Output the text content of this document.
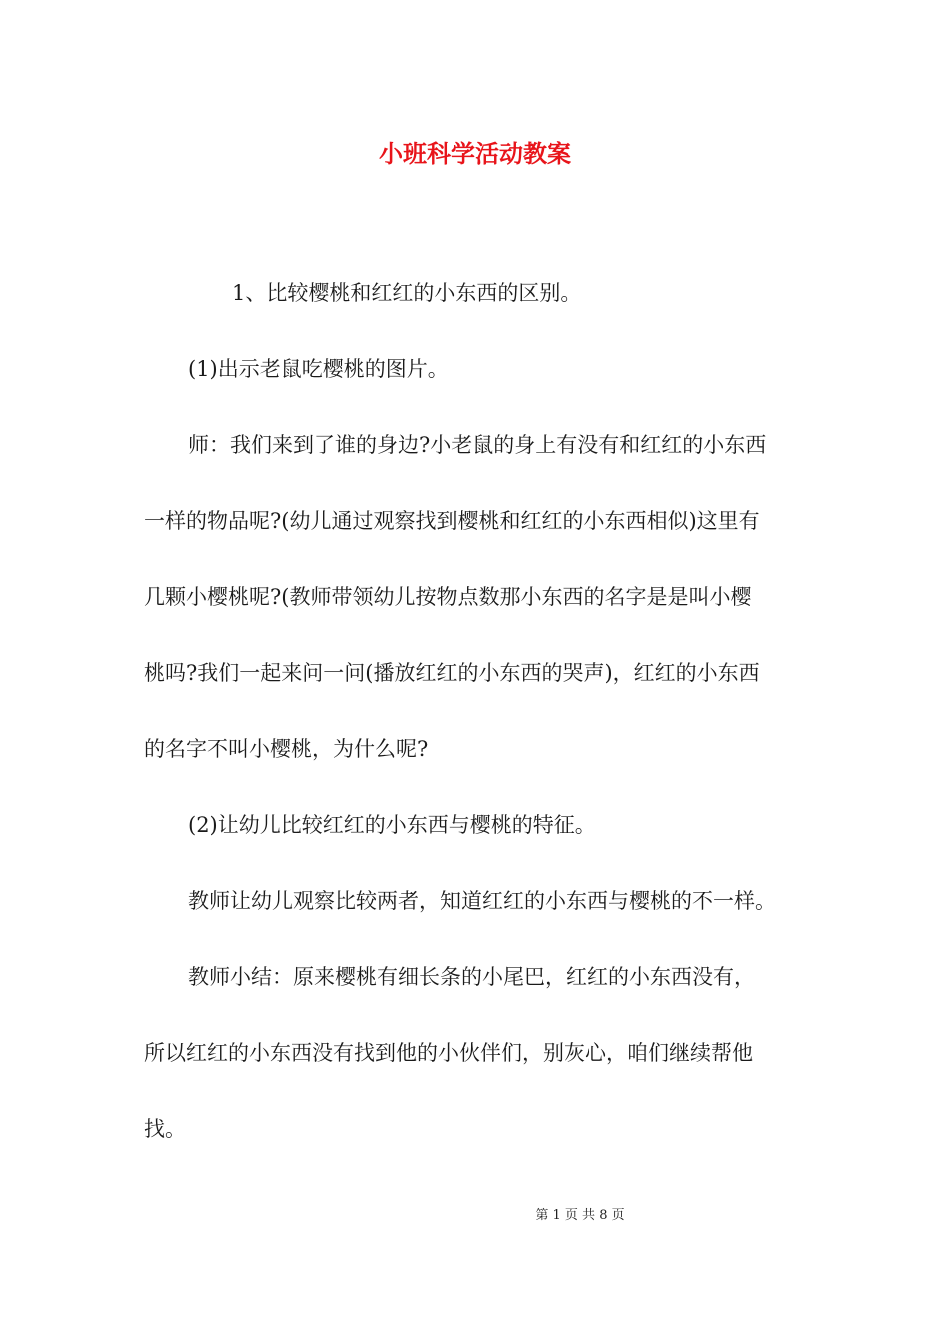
小班科学活动教案
1、比较樱桃和红红的小东西的区别。
(1)出示老鼠吃樱桃的图片。
师：我们来到了谁的身边?小老鼠的身上有没有和红红的小东西
一样的物品呢?(幼儿通过观察找到樱桃和红红的小东西相似)这里有
几颗小樱桃呢?(教师带领幼儿按物点数那小东西的名字是是叫小樱
桃吗?我们一起来问一问(播放红红的小东西的哭声)，红红的小东西
的名字不叫小樱桃，为什么呢?
(2)让幼儿比较红红的小东西与樱桃的特征。
教师让幼儿观察比较两者，知道红红的小东西与樱桃的不一样。
教师小结：原来樱桃有细长条的小尾巴，红红的小东西没有，
所以红红的小东西没有找到他的小伙伴们，别灰心，咱们继续帮他
找。
第 1 页 共 8 页
